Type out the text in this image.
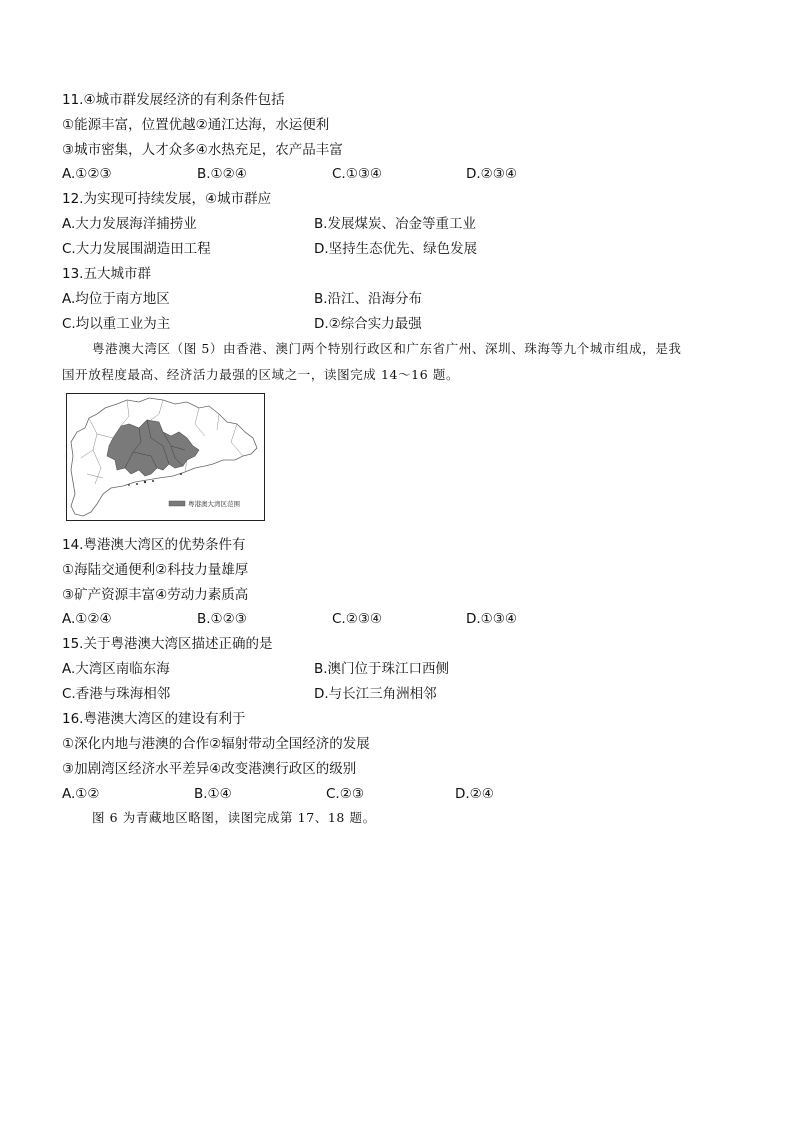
11.④城市群发展经济的有利条件包括
①能源丰富，位置优越②通江达海，水运便利
③城市密集，人才众多④水热充足，农产品丰富
A.①②③	B.①②④	C.①③④	D.②③④
12.为实现可持续发展，④城市群应
A.大力发展海洋捕捞业	B.发展煤炭、冶金等重工业
C.大力发展围湖造田工程	D.坚持生态优先、绿色发展
13.五大城市群
A.均位于南方地区	B.沿江、沿海分布
C.均以重工业为主	D.②综合实力最强
粤港澳大湾区（图 5）由香港、澳门两个特别行政区和广东省广州、深圳、珠海等九个城市组成，是我
国开放程度最高、经济活力最强的区域之一，读图完成 14～16 题。
粤港澳大湾区范围
14.粤港澳大湾区的优势条件有
①海陆交通便利②科技力量雄厚
③矿产资源丰富④劳动力素质高
A.①②④	B.①②③	C.②③④	D.①③④
15.关于粤港澳大湾区描述正确的是
A.大湾区南临东海	B.澳门位于珠江口西侧
C.香港与珠海相邻	D.与长江三角洲相邻
16.粤港澳大湾区的建设有利于
①深化内地与港澳的合作②辐射带动全国经济的发展
③加剧湾区经济水平差异④改变港澳行政区的级别
A.①②	B.①④	C.②③	D.②④
图 6 为青藏地区略图，读图完成第 17、18 题。
